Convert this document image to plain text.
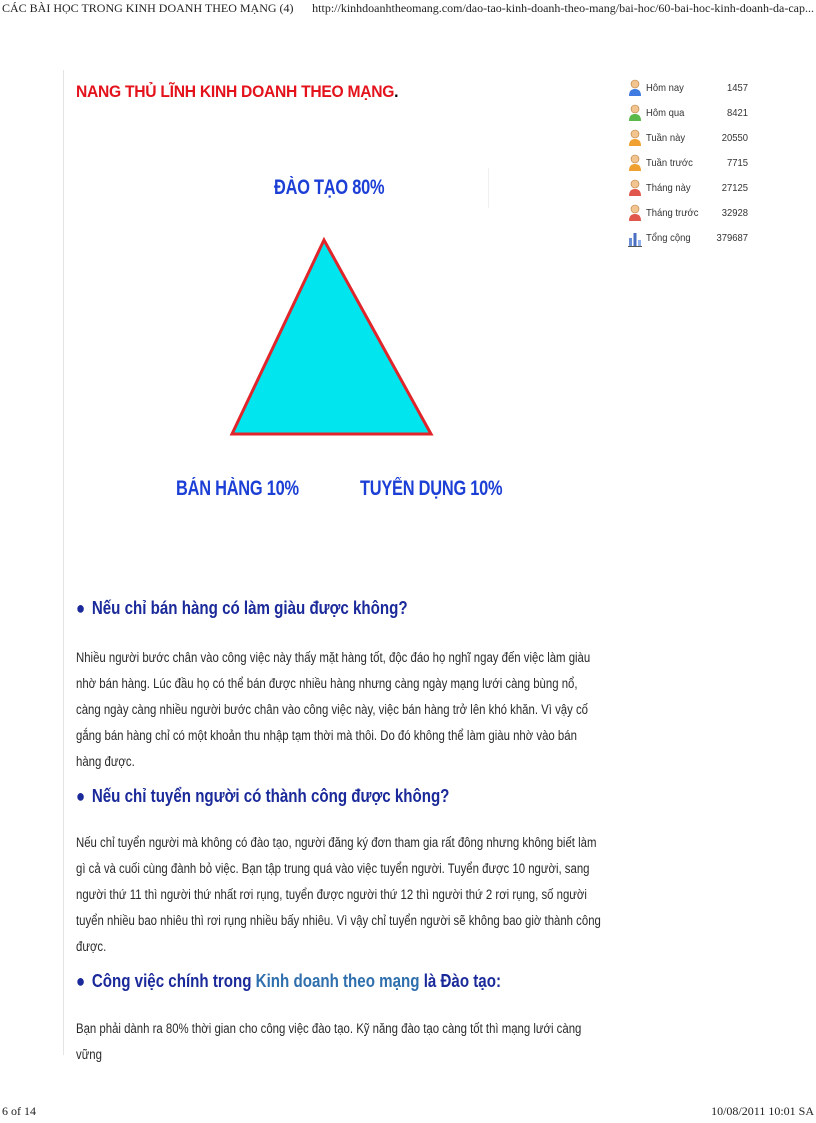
CÁC BÀI HỌC TRONG KINH DOANH THEO MẠNG (4) http://kinhdoanhtheomang.com/dao-tao-kinh-doanh-theo-mang/bai-hoc/60-bai-hoc-kinh-doanh-da-cap...
6 of 14	10/08/2011 10:01 SA
NANG THỦ LĨNH KINH DOANH THEO MẠNG.	Hôm nay	1457
Hôm qua	8421
Tuần này	20550
Tuần trước	7715
Tháng này	27125
Tháng trước	32928
Tổng cộng	379687
ĐÀO TẠO 80%
BÁN HÀNG 10%	TUYỂN DỤNG 10%
● Nếu chỉ bán hàng có làm giàu được không?

Nhiều người bước chân vào công việc này thấy mặt hàng tốt, độc đáo họ nghĩ ngay đến việc làm giàu nhờ bán hàng. Lúc đầu họ có thể bán được nhiều hàng nhưng càng ngày mạng lưới càng bùng nổ, càng ngày càng nhiều người bước chân vào công việc này, việc bán hàng trở lên khó khăn. Vì vậy cố gắng bán hàng chỉ có một khoản thu nhập tạm thời mà thôi. Do đó không thể làm giàu nhờ vào bán hàng được.

● Nếu chỉ tuyển người có thành công được không?

Nếu chỉ tuyển người mà không có đào tạo, người đăng ký đơn tham gia rất đông nhưng không biết làm gì cả và cuối cùng đành bỏ việc. Bạn tập trung quá vào việc tuyển người. Tuyển được 10 người, sang người thứ 11 thì người thứ nhất rơi rụng, tuyển được người thứ 12 thì người thứ 2 rơi rụng, số người tuyển nhiều bao nhiêu thì rơi rụng nhiều bấy nhiêu. Vì vậy chỉ tuyển người sẽ không bao giờ thành công được.

● Công việc chính trong Kinh doanh theo mạng là Đào tạo:

Bạn phải dành ra 80% thời gian cho công việc đào tạo. Kỹ năng đào tạo càng tốt thì mạng lưới càng vững
